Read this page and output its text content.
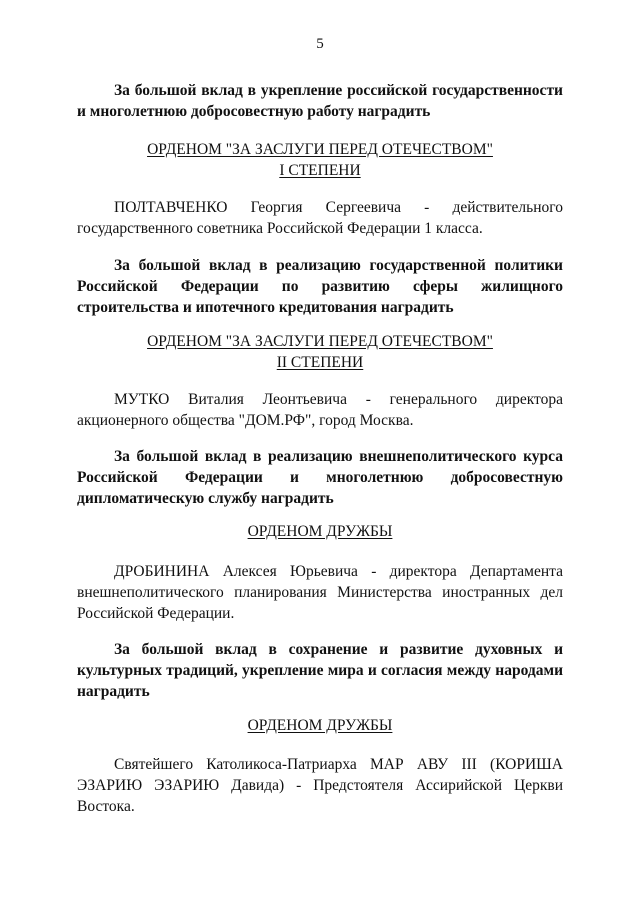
5
За большой вклад в укрепление российской государственности и многолетнюю добросовестную работу наградить
ОРДЕНОМ "ЗА ЗАСЛУГИ ПЕРЕД ОТЕЧЕСТВОМ"
I СТЕПЕНИ
ПОЛТАВЧЕНКО Георгия Сергеевича - действительного государственного советника Российской Федерации 1 класса.
За большой вклад в реализацию государственной политики Российской Федерации по развитию сферы жилищного строительства и ипотечного кредитования наградить
ОРДЕНОМ "ЗА ЗАСЛУГИ ПЕРЕД ОТЕЧЕСТВОМ"
II СТЕПЕНИ
МУТКО Виталия Леонтьевича - генерального директора акционерного общества "ДОМ.РФ", город Москва.
За большой вклад в реализацию внешнеполитического курса Российской Федерации и многолетнюю добросовестную дипломатическую службу наградить
ОРДЕНОМ ДРУЖБЫ
ДРОБИНИНА Алексея Юрьевича - директора Департамента внешнеполитического планирования Министерства иностранных дел Российской Федерации.
За большой вклад в сохранение и развитие духовных и культурных традиций, укрепление мира и согласия между народами наградить
ОРДЕНОМ ДРУЖБЫ
Святейшего Католикоса-Патриарха МАР АВУ III (КОРИША ЭЗАРИЮ ЭЗАРИЮ Давида) - Предстоятеля Ассирийской Церкви Востока.
